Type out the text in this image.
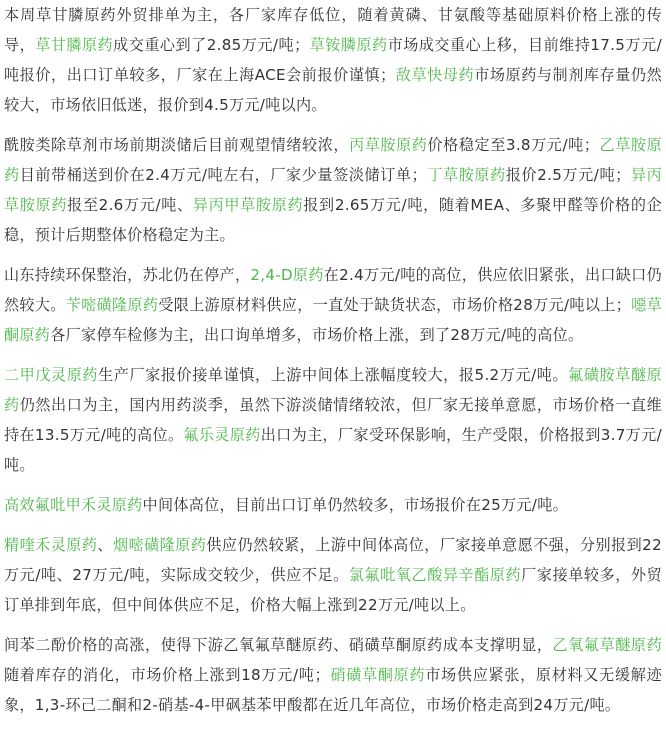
本周草甘膦原药外贸排单为主，各厂家库存低位，随着黄磷、甘氨酸等基础原料价格上涨的传导，草甘膦原药成交重心到了2.85万元/吨；草铵膦原药市场成交重心上移，目前维持17.5万元/吨报价，出口订单较多，厂家在上海ACE会前报价谨慎；敌草快母药市场原药与制剂库存量仍然较大，市场依旧低迷，报价到4.5万元/吨以内。

酰胺类除草剂市场前期淡储后目前观望情绪较浓，丙草胺原药价格稳定至3.8万元/吨；乙草胺原药目前带桶送到价在2.4万元/吨左右，厂家少量签淡储订单；丁草胺原药报价2.5万元/吨；异丙草胺原药报至2.6万元/吨、异丙甲草胺原药报到2.65万元/吨，随着MEA、多聚甲醛等价格的企稳，预计后期整体价格稳定为主。

山东持续环保整治，苏北仍在停产，2,4-D原药在2.4万元/吨的高位，供应依旧紧张，出口缺口仍然较大。苄嘧磺隆原药受限上游原材料供应，一直处于缺货状态，市场价格28万元/吨以上；噁草酮原药各厂家停车检修为主，出口询单增多，市场价格上涨，到了28万元/吨的高位。

二甲戊灵原药生产厂家报价接单谨慎，上游中间体上涨幅度较大，报5.2万元/吨。氟磺胺草醚原药仍然出口为主，国内用药淡季，虽然下游淡储情绪较浓，但厂家无接单意愿，市场价格一直维持在13.5万元/吨的高位。氟乐灵原药出口为主，厂家受环保影响，生产受限，价格报到3.7万元/吨。

高效氟吡甲禾灵原药中间体高位，目前出口订单仍然较多，市场报价在25万元/吨。

精喹禾灵原药、烟嘧磺隆原药供应仍然较紧，上游中间体高位，厂家接单意愿不强，分别报到22万元/吨、27万元/吨，实际成交较少，供应不足。氯氟吡氧乙酸异辛酯原药厂家接单较多，外贸订单排到年底，但中间体供应不足，价格大幅上涨到22万元/吨以上。

间苯二酚价格的高涨，使得下游乙氧氟草醚原药、硝磺草酮原药成本支撑明显，乙氧氟草醚原药随着库存的消化，市场价格上涨到18万元/吨；硝磺草酮原药市场供应紧张，原材料又无缓解迹象，1,3-环己二酮和2-硝基-4-甲砜基苯甲酸都在近几年高位，市场价格走高到24万元/吨。
